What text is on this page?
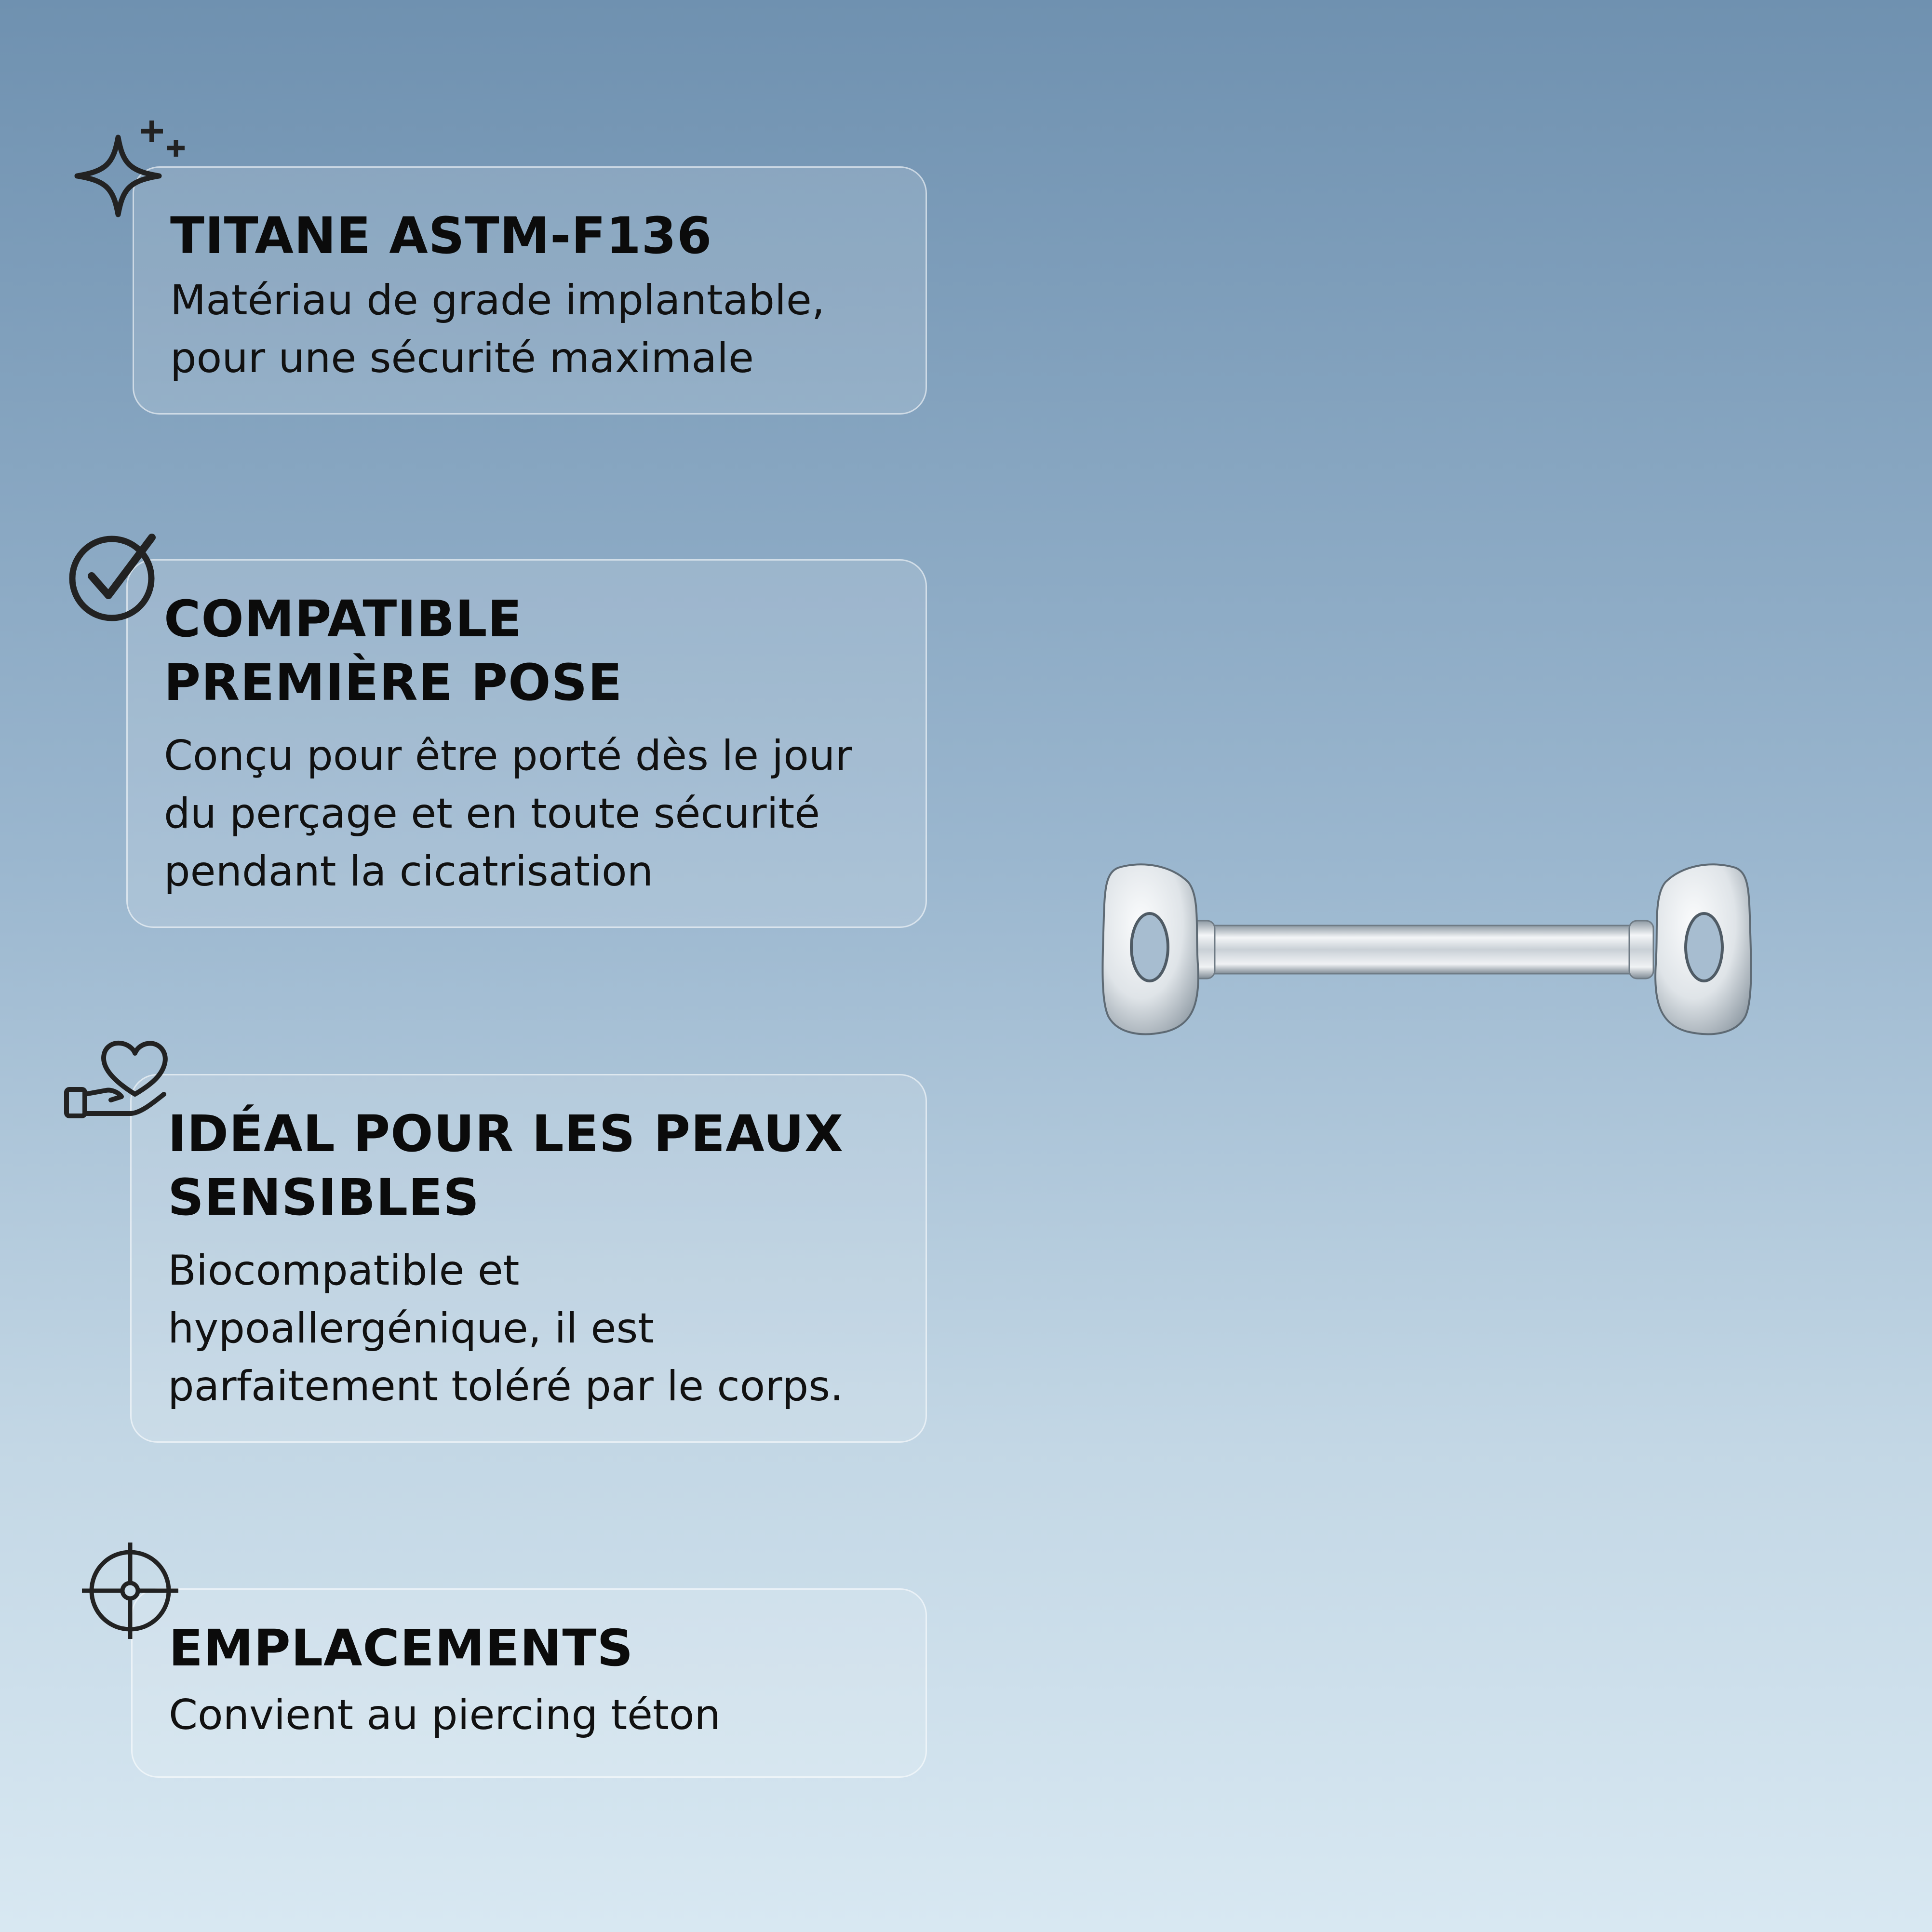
TITANE ASTM-F136

Matériau de grade implantable,
pour une sécurité maximale

COMPATIBLE
PREMIÈRE POSE

Conçu pour être porté dès le jour
du perçage et en toute sécurité
pendant la cicatrisation

IDÉAL POUR LES PEAUX
SENSIBLES

Biocompatible et
hypoallergénique, il est
parfaitement toléré par le corps.

EMPLACEMENTS

Convient au piercing téton
